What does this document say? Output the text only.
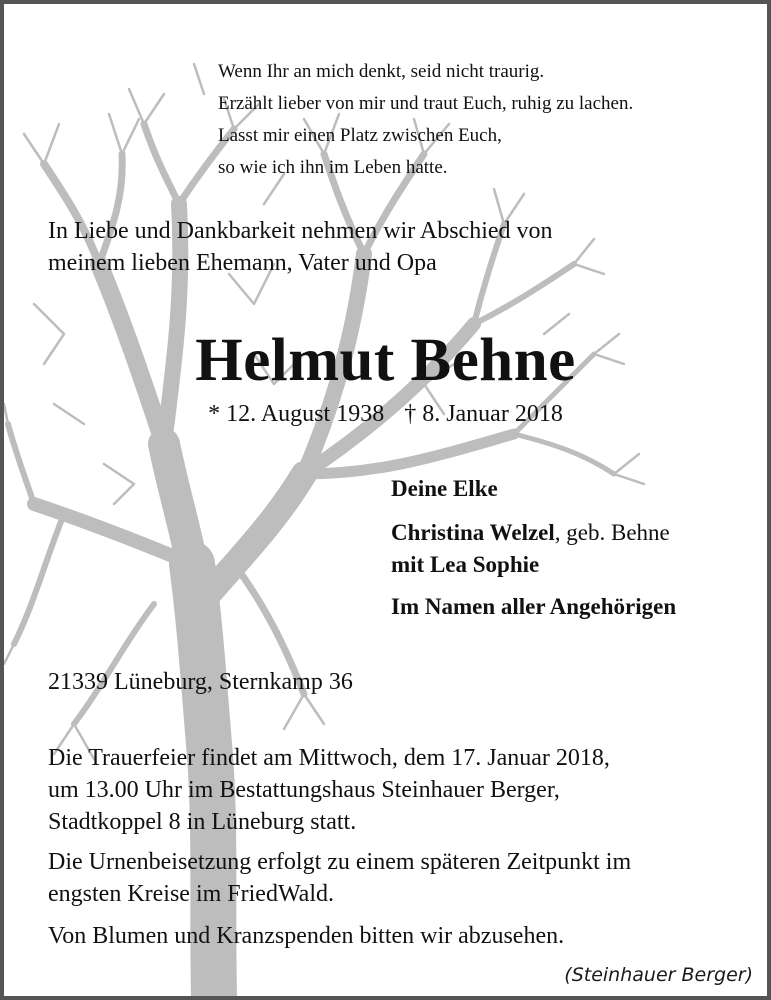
Wenn Ihr an mich denkt, seid nicht traurig.
Erzählt lieber von mir und traut Euch, ruhig zu lachen.
Lasst mir einen Platz zwischen Euch,
so wie ich ihn im Leben hatte.
In Liebe und Dankbarkeit nehmen wir Abschied von
meinem lieben Ehemann, Vater und Opa
Helmut Behne
* 12. August 1938 † 8. Januar 2018
Deine Elke
Christina Welzel, geb. Behne
mit Lea Sophie
Im Namen aller Angehörigen
21339 Lüneburg, Sternkamp 36
Die Trauerfeier findet am Mittwoch, dem 17. Januar 2018,
um 13.00 Uhr im Bestattungshaus Steinhauer Berger,
Stadtkoppel 8 in Lüneburg statt.
Die Urnenbeisetzung erfolgt zu einem späteren Zeitpunkt im
engsten Kreise im FriedWald.
Von Blumen und Kranzspenden bitten wir abzusehen.
(Steinhauer Berger)
